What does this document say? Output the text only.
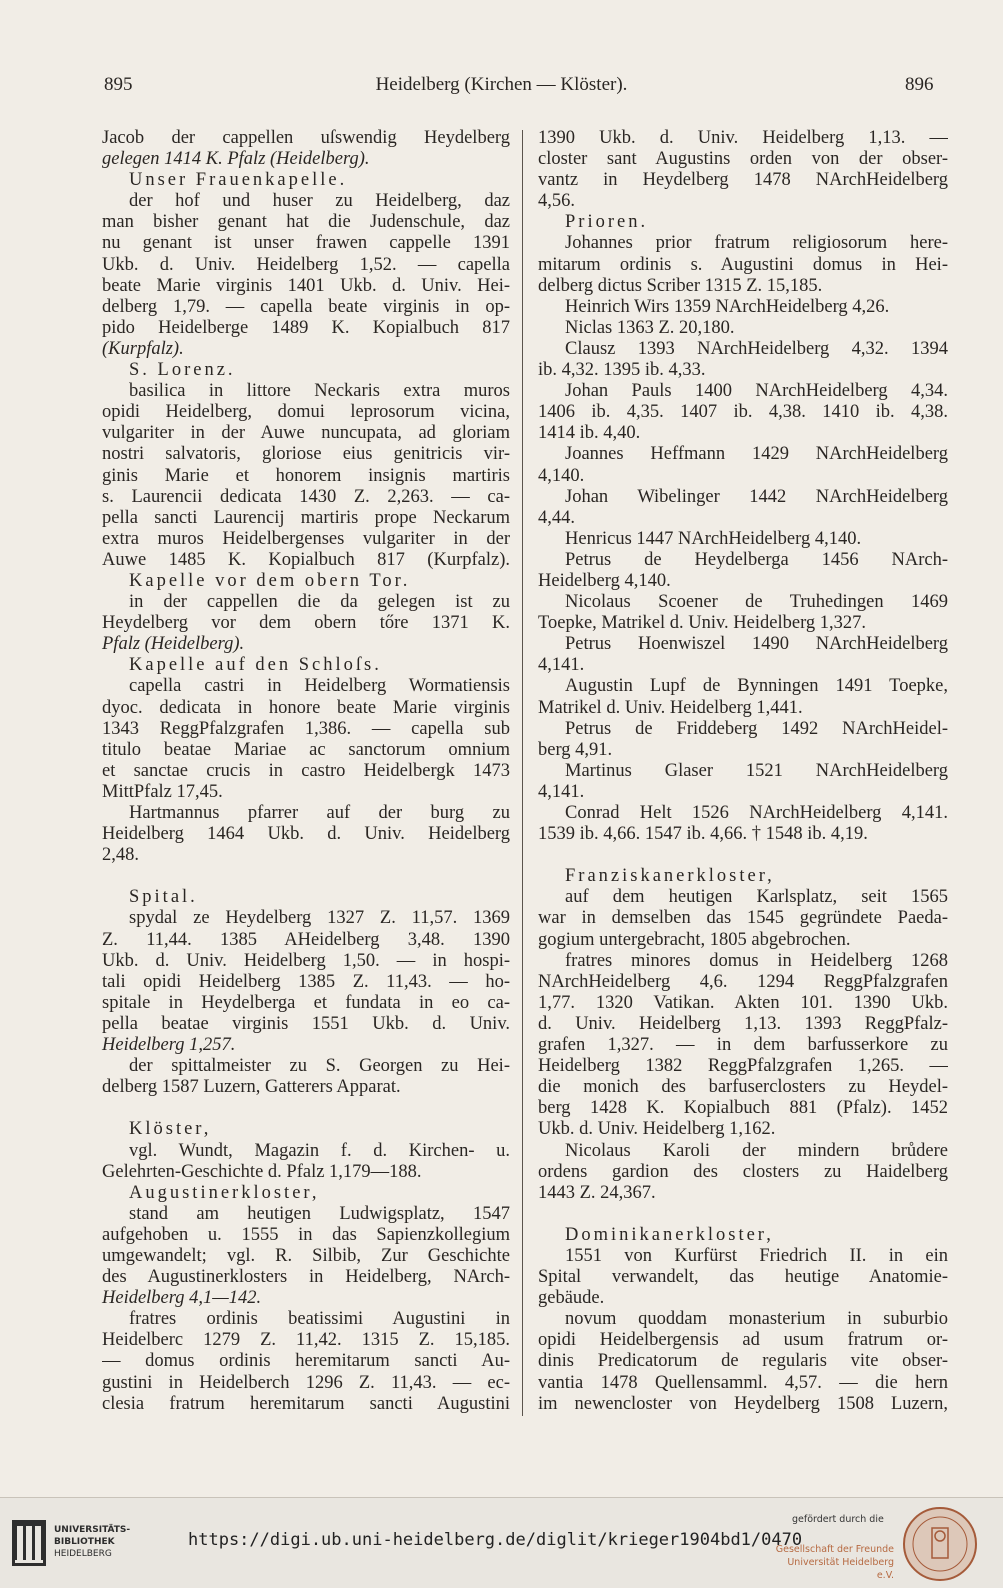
895	Heidelberg (Kirchen — Klöster).	896
Jacob der cappellen uſswendig Heydelberg
gelegen 1414 K. Pfalz (Heidelberg).
Unser Frauenkapelle.
der hof und huser zu Heidelberg, daz
man bisher genant hat die Judenschule, daz
nu genant ist unser frawen cappelle 1391
Ukb. d. Univ. Heidelberg 1,52. — capella
beate Marie virginis 1401 Ukb. d. Univ. Hei-
delberg 1,79. — capella beate virginis in op-
pido Heidelberge 1489 K. Kopialbuch 817
(Kurpfalz).
S. Lorenz.
basilica in littore Neckaris extra muros
opidi Heidelberg, domui leprosorum vicina,
vulgariter in der Auwe nuncupata, ad gloriam
nostri salvatoris, gloriose eius genitricis vir-
ginis Marie et honorem insignis martiris
s. Laurencii dedicata 1430 Z. 2,263. — ca-
pella sancti Laurencij martiris prope Neckarum
extra muros Heidelbergenses vulgariter in der
Auwe 1485 K. Kopialbuch 817 (Kurpfalz).
Kapelle vor dem obern Tor.
in der cappellen die da gelegen ist zu
Heydelberg vor dem obern tőre 1371 K.
Pfalz (Heidelberg).
Kapelle auf den Schloſs.
capella castri in Heidelberg Wormatiensis
dyoc. dedicata in honore beate Marie virginis
1343 ReggPfalzgrafen 1,386. — capella sub
titulo beatae Mariae ac sanctorum omnium
et sanctae crucis in castro Heidelbergk 1473
MittPfalz 17,45.
Hartmannus pfarrer auf der burg zu
Heidelberg 1464 Ukb. d. Univ. Heidelberg
2,48.
Spital.
spydal ze Heydelberg 1327 Z. 11,57. 1369
Z. 11,44. 1385 AHeidelberg 3,48. 1390
Ukb. d. Univ. Heidelberg 1,50. — in hospi-
tali opidi Heidelberg 1385 Z. 11,43. — ho-
spitale in Heydelberga et fundata in eo ca-
pella beatae virginis 1551 Ukb. d. Univ.
Heidelberg 1,257.
der spittalmeister zu S. Georgen zu Hei-
delberg 1587 Luzern, Gatterers Apparat.
Klöster,
vgl. Wundt, Magazin f. d. Kirchen- u.
Gelehrten-Geschichte d. Pfalz 1,179—188.
Augustinerkloster,
stand am heutigen Ludwigsplatz, 1547
aufgehoben u. 1555 in das Sapienzkollegium
umgewandelt; vgl. R. Silbib, Zur Geschichte
des Augustinerklosters in Heidelberg, NArch-
Heidelberg 4,1—142.
fratres ordinis beatissimi Augustini in
Heidelberc 1279 Z. 11,42. 1315 Z. 15,185.
— domus ordinis heremitarum sancti Au-
gustini in Heidelberch 1296 Z. 11,43. — ec-
clesia fratrum heremitarum sancti Augustini
1390 Ukb. d. Univ. Heidelberg 1,13. —
closter sant Augustins orden von der obser-
vantz in Heydelberg 1478 NArchHeidelberg
4,56.
Prioren.
Johannes prior fratrum religiosorum here-
mitarum ordinis s. Augustini domus in Hei-
delberg dictus Scriber 1315 Z. 15,185.
Heinrich Wirs 1359 NArchHeidelberg 4,26.
Niclas 1363 Z. 20,180.
Clausz 1393 NArchHeidelberg 4,32. 1394
ib. 4,32. 1395 ib. 4,33.
Johan Pauls 1400 NArchHeidelberg 4,34.
1406 ib. 4,35. 1407 ib. 4,38. 1410 ib. 4,38.
1414 ib. 4,40.
Joannes Heffmann 1429 NArchHeidelberg
4,140.
Johan Wibelinger 1442 NArchHeidelberg
4,44.
Henricus 1447 NArchHeidelberg 4,140.
Petrus de Heydelberga 1456 NArch-
Heidelberg 4,140.
Nicolaus Scoener de Truhedingen 1469
Toepke, Matrikel d. Univ. Heidelberg 1,327.
Petrus Hoenwiszel 1490 NArchHeidelberg
4,141.
Augustin Lupf de Bynningen 1491 Toepke,
Matrikel d. Univ. Heidelberg 1,441.
Petrus de Friddeberg 1492 NArchHeidel-
berg 4,91.
Martinus Glaser 1521 NArchHeidelberg
4,141.
Conrad Helt 1526 NArchHeidelberg 4,141.
1539 ib. 4,66. 1547 ib. 4,66. † 1548 ib. 4,19.
Franziskanerkloster,
auf dem heutigen Karlsplatz, seit 1565
war in demselben das 1545 gegründete Paeda-
gogium untergebracht, 1805 abgebrochen.
fratres minores domus in Heidelberg 1268
NArchHeidelberg 4,6. 1294 ReggPfalzgrafen
1,77. 1320 Vatikan. Akten 101. 1390 Ukb.
d. Univ. Heidelberg 1,13. 1393 ReggPfalz-
grafen 1,327. — in dem barfusserkore zu
Heidelberg 1382 ReggPfalzgrafen 1,265. —
die monich des barfuserclosters zu Heydel-
berg 1428 K. Kopialbuch 881 (Pfalz). 1452
Ukb. d. Univ. Heidelberg 1,162.
Nicolaus Karoli der mindern brůdere
ordens gardion des closters zu Haidelberg
1443 Z. 24,367.
Dominikanerkloster,
1551 von Kurfürst Friedrich II. in ein
Spital verwandelt, das heutige Anatomie-
gebäude.
novum quoddam monasterium in suburbio
opidi Heidelbergensis ad usum fratrum or-
dinis Predicatorum de regularis vite obser-
vantia 1478 Quellensamml. 4,57. — die hern
im newencloster von Heydelberg 1508 Luzern,
UNIVERSITÄTS-
BIBLIOTHEK
HEIDELBERG
https://digi.ub.uni-heidelberg.de/diglit/krieger1904bd1/0470
gefördert durch die
Gesellschaft der Freunde
Universität Heidelberg e.V.
